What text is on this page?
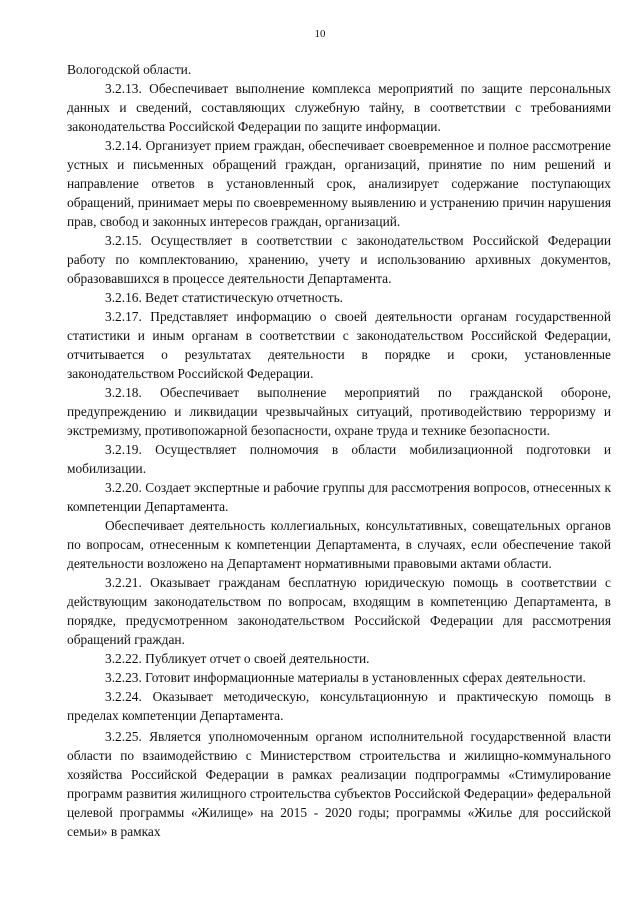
10

Вологодской области.

3.2.13. Обеспечивает выполнение комплекса мероприятий по защите персональных данных и сведений, составляющих служебную тайну, в соответствии с требованиями законодательства Российской Федерации по защите информации.

3.2.14. Организует прием граждан, обеспечивает своевременное и полное рассмотрение устных и письменных обращений граждан, организаций, принятие по ним решений и направление ответов в установленный срок, анализирует содержание поступающих обращений, принимает меры по своевременному выявлению и устранению причин нарушения прав, свобод и законных интересов граждан, организаций.

3.2.15. Осуществляет в соответствии с законодательством Российской Федерации работу по комплектованию, хранению, учету и использованию архивных документов, образовавшихся в процессе деятельности Департамента.

3.2.16. Ведет статистическую отчетность.

3.2.17. Представляет информацию о своей деятельности органам государственной статистики и иным органам в соответствии с законодательством Российской Федерации, отчитывается о результатах деятельности в порядке и сроки, установленные законодательством Российской Федерации.

3.2.18. Обеспечивает выполнение мероприятий по гражданской обороне, предупреждению и ликвидации чрезвычайных ситуаций, противодействию терроризму и экстремизму, противопожарной безопасности, охране труда и технике безопасности.

3.2.19. Осуществляет полномочия в области мобилизационной подготовки и мобилизации.

3.2.20. Создает экспертные и рабочие группы для рассмотрения вопросов, отнесенных к компетенции Департамента.

Обеспечивает деятельность коллегиальных, консультативных, совещательных органов по вопросам, отнесенным к компетенции Департамента, в случаях, если обеспечение такой деятельности возложено на Департамент нормативными правовыми актами области.

3.2.21. Оказывает гражданам бесплатную юридическую помощь в соответствии с действующим законодательством по вопросам, входящим в компетенцию Департамента, в порядке, предусмотренном законодательством Российской Федерации для рассмотрения обращений граждан.

3.2.22. Публикует отчет о своей деятельности.

3.2.23. Готовит информационные материалы в установленных сферах деятельности.

3.2.24. Оказывает методическую, консультационную и практическую помощь в пределах компетенции Департамента.

3.2.25. Является уполномоченным органом исполнительной государственной власти области по взаимодействию с Министерством строительства и жилищно-коммунального хозяйства Российской Федерации в рамках реализации подпрограммы «Стимулирование программ развития жилищного строительства субъектов Российской Федерации» федеральной целевой программы «Жилище» на 2015 - 2020 годы; программы «Жилье для российской семьи» в рамках
